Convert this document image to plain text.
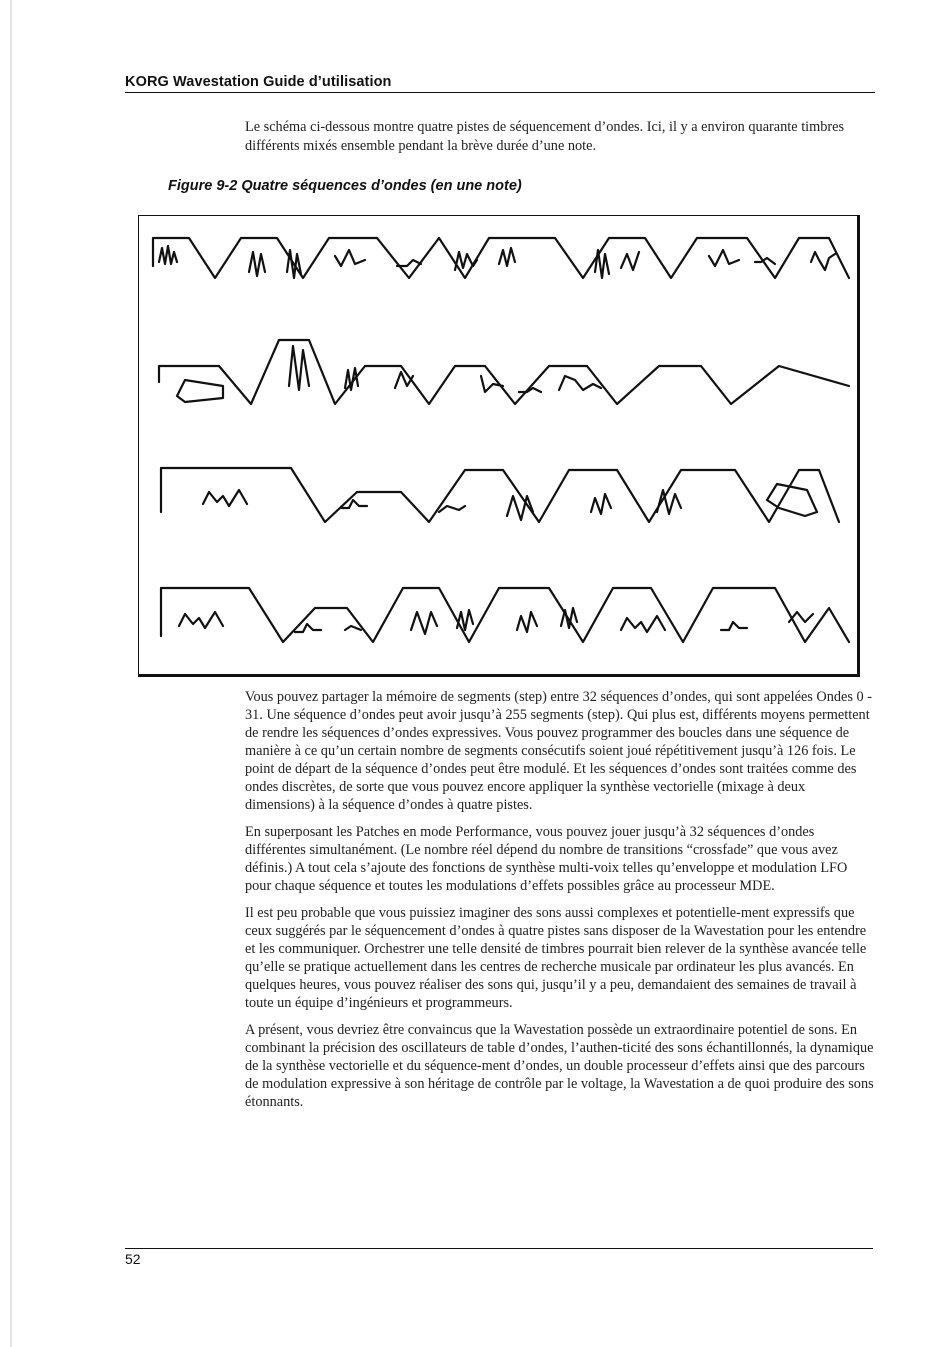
KORG Wavestation Guide d’utilisation

Le schéma ci-dessous montre quatre pistes de séquencement d’ondes. Ici, il y a environ quarante timbres différents mixés ensemble pendant la brève durée d’une note.

Figure 9-2 Quatre séquences d’ondes (en une note)

Vous pouvez partager la mémoire de segments (step) entre 32 séquences d’ondes, qui sont appelées Ondes 0 - 31. Une séquence d’ondes peut avoir jusqu’à 255 segments (step). Qui plus est, différents moyens permettent de rendre les séquences d’ondes expressives. Vous pouvez programmer des boucles dans une séquence de manière à ce qu’un certain nombre de segments consécutifs soient joué répétitivement jusqu’à 126 fois. Le point de départ de la séquence d’ondes peut être modulé. Et les séquences d’ondes sont traitées comme des ondes discrètes, de sorte que vous pouvez encore appliquer la synthèse vectorielle (mixage à deux dimensions) à la séquence d’ondes à quatre pistes.

En superposant les Patches en mode Performance, vous pouvez jouer jusqu’à 32 séquences d’ondes différentes simultanément. (Le nombre réel dépend du nombre de transitions “crossfade” que vous avez définis.) A tout cela s’ajoute des fonctions de synthèse multi-voix telles qu’enveloppe et modulation LFO pour chaque séquence et toutes les modulations d’effets possibles grâce au processeur MDE.

Il est peu probable que vous puissiez imaginer des sons aussi complexes et potentielle-ment expressifs que ceux suggérés par le séquencement d’ondes à quatre pistes sans disposer de la Wavestation pour les entendre et les communiquer. Orchestrer une telle densité de timbres pourrait bien relever de la synthèse avancée telle qu’elle se pratique actuellement dans les centres de recherche musicale par ordinateur les plus avancés. En quelques heures, vous pouvez réaliser des sons qui, jusqu’il y a peu, demandaient des semaines de travail à toute un équipe d’ingénieurs et programmeurs.

A présent, vous devriez être convaincus que la Wavestation possède un extraordinaire potentiel de sons. En combinant la précision des oscillateurs de table d’ondes, l’authen-ticité des sons échantillonnés, la dynamique de la synthèse vectorielle et du séquence-ment d’ondes, un double processeur d’effets ainsi que des parcours de modulation expressive à son héritage de contrôle par le voltage, la Wavestation a de quoi produire des sons étonnants.

52
